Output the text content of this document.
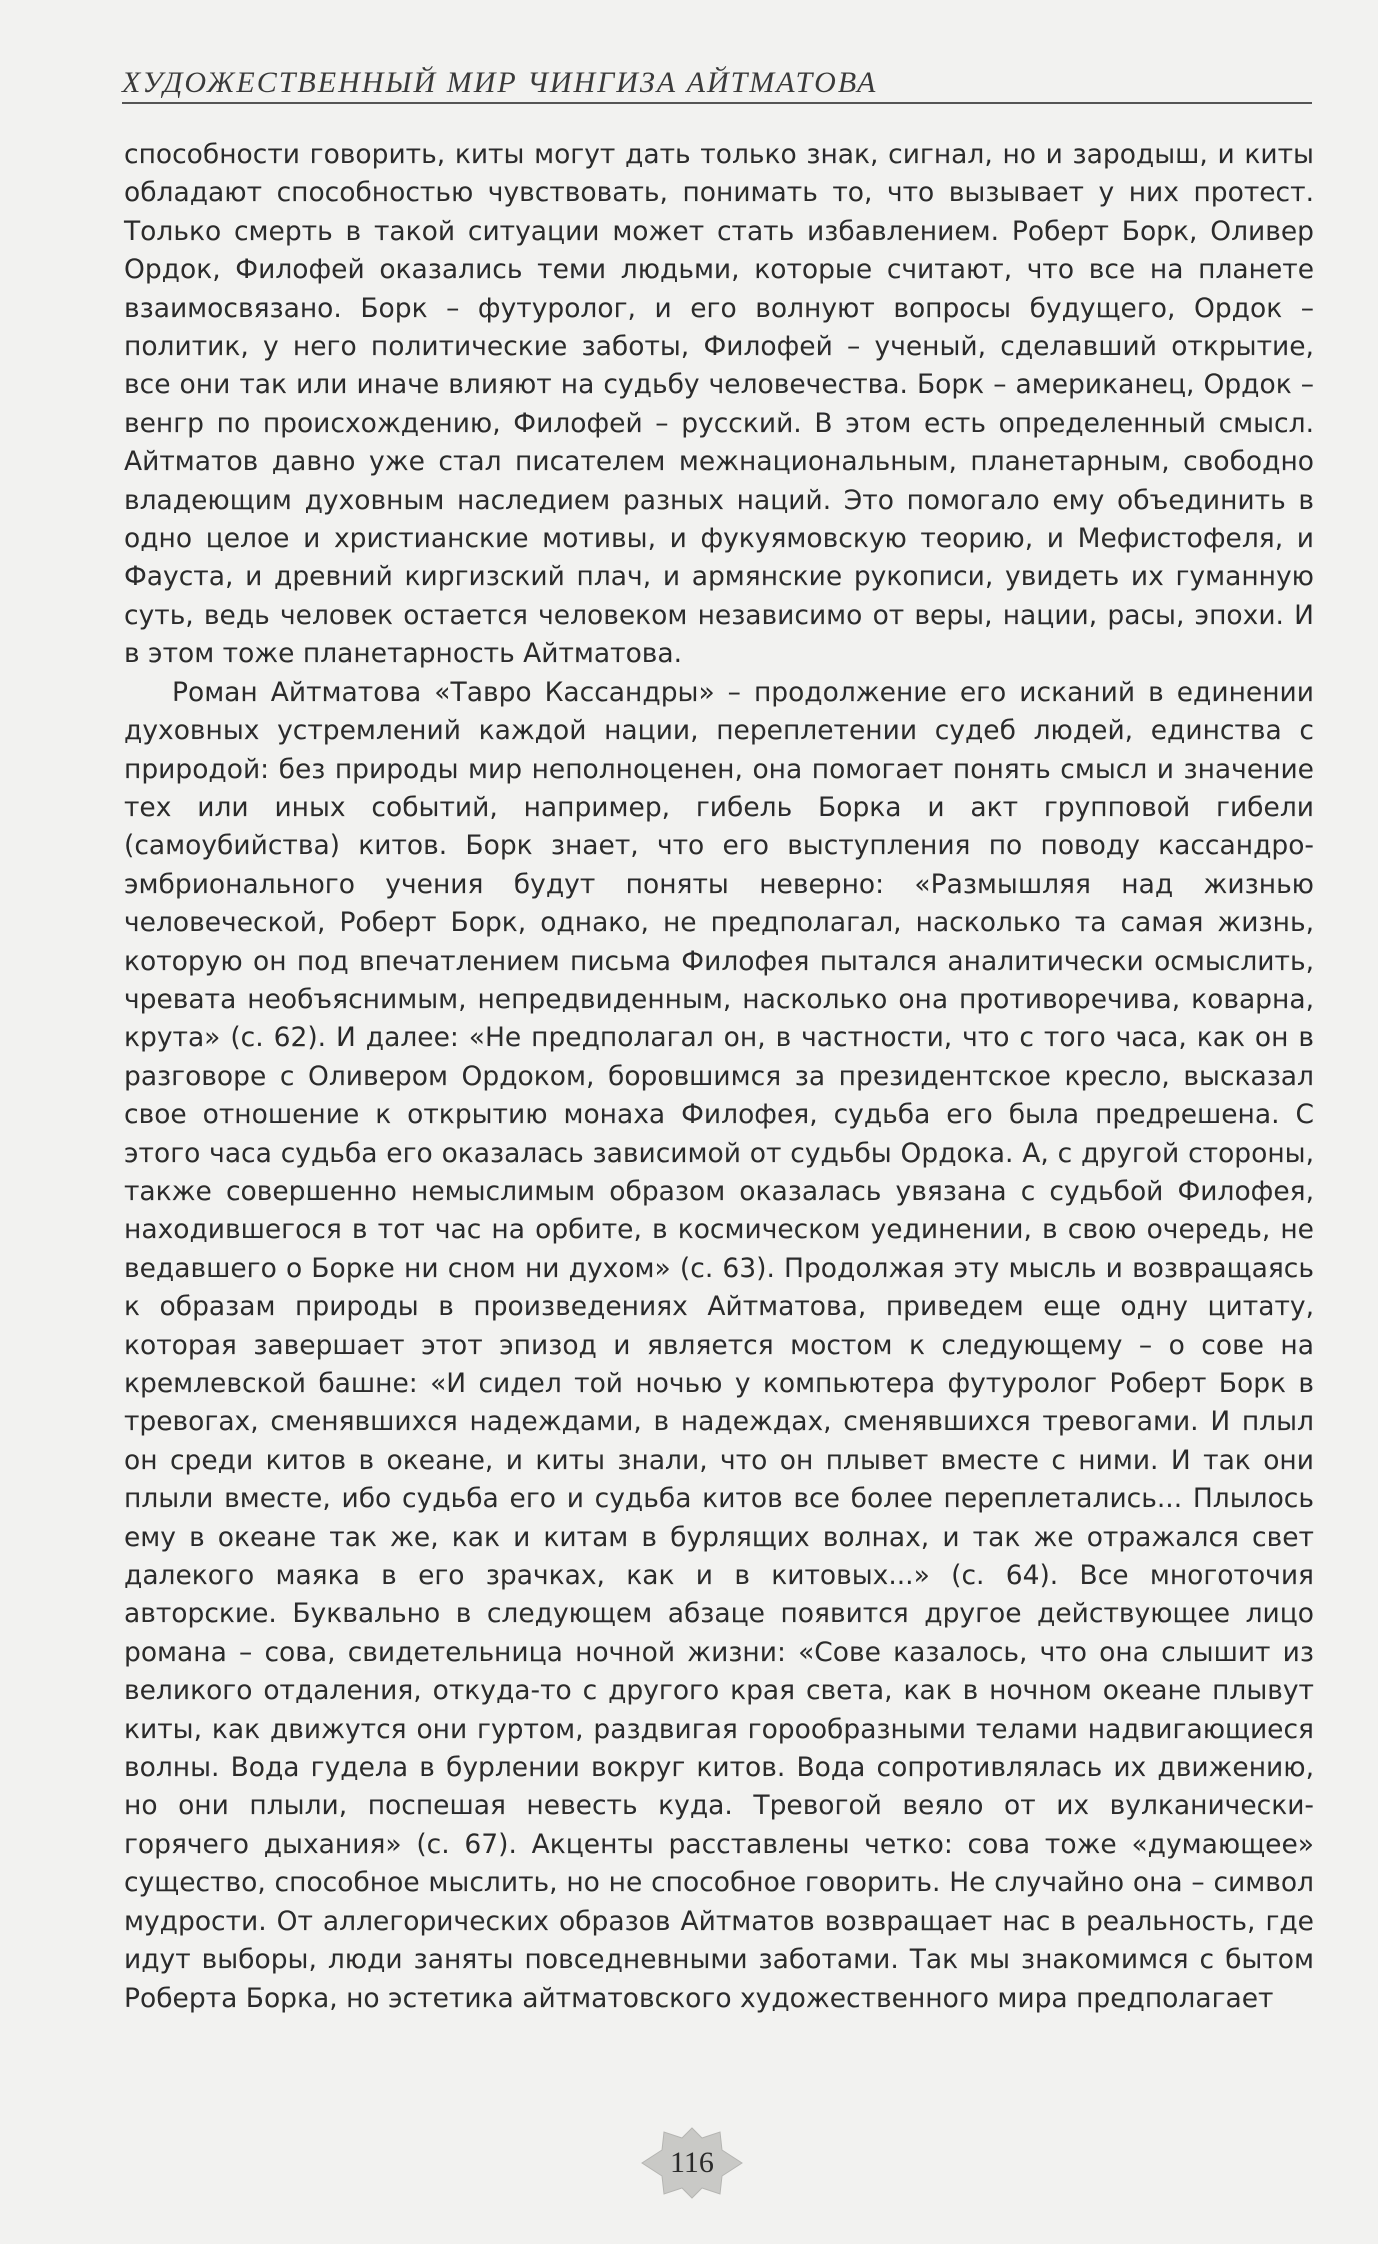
ХУДОЖЕСТВЕННЫЙ МИР ЧИНГИЗА АЙТМАТОВА

способности говорить, киты могут дать только знак, сигнал, но и зародыш, и киты обладают способностью чувствовать, понимать то, что вызывает у них протест. Только смерть в такой ситуации может стать избавлением. Роберт Борк, Оливер Ордок, Филофей оказались теми людьми, которые считают, что все на планете взаимосвязано. Борк – футуролог, и его волнуют вопросы будущего, Ордок – политик, у него политические заботы, Филофей – ученый, сделавший открытие, все они так или иначе влияют на судьбу человечества. Борк – американец, Ордок – венгр по происхождению, Филофей – русский. В этом есть определенный смысл. Айтматов давно уже стал писателем межнациональным, планетарным, свободно владеющим духовным наследием разных наций. Это помогало ему объединить в одно целое и христианские мотивы, и фукуямовскую теорию, и Мефистофеля, и Фауста, и древний киргизский плач, и армянские рукописи, увидеть их гуманную суть, ведь человек остается человеком независимо от веры, нации, расы, эпохи. И в этом тоже планетарность Айтматова.

Роман Айтматова «Тавро Кассандры» – продолжение его исканий в единении духовных устремлений каждой нации, переплетении судеб людей, единства с природой: без природы мир неполноценен, она помогает понять смысл и значение тех или иных событий, например, гибель Борка и акт групповой гибели (самоубийства) китов. Борк знает, что его выступления по поводу кассандро-эмбрионального учения будут поняты неверно: «Размышляя над жизнью человеческой, Роберт Борк, однако, не предполагал, насколько та самая жизнь, которую он под впечатлением письма Филофея пытался аналитически осмыслить, чревата необъяснимым, непредвиденным, насколько она противоречива, коварна, крута» (с. 62). И далее: «Не предполагал он, в частности, что с того часа, как он в разговоре с Оливером Ордоком, боровшимся за президентское кресло, высказал свое отношение к открытию монаха Филофея, судьба его была предрешена. С этого часа судьба его оказалась зависимой от судьбы Ордока. А, с другой стороны, также совершенно немыслимым образом оказалась увязана с судьбой Филофея, находившегося в тот час на орбите, в космическом уединении, в свою очередь, не ведавшего о Борке ни сном ни духом» (с. 63). Продолжая эту мысль и возвращаясь к образам природы в произведениях Айтматова, приведем еще одну цитату, которая завершает этот эпизод и является мостом к следующему – о сове на кремлевской башне: «И сидел той ночью у компьютера футуролог Роберт Борк в тревогах, сменявшихся надеждами, в надеждах, сменявшихся тревогами. И плыл он среди китов в океане, и киты знали, что он плывет вместе с ними. И так они плыли вместе, ибо судьба его и судьба китов все более переплетались... Плылось ему в океане так же, как и китам в бурлящих волнах, и так же отражался свет далекого маяка в его зрачках, как и в китовых...» (с. 64). Все многоточия авторские. Буквально в следующем абзаце появится другое действующее лицо романа – сова, свидетельница ночной жизни: «Сове казалось, что она слышит из великого отдаления, откуда-то с другого края света, как в ночном океане плывут киты, как движутся они гуртом, раздвигая горообразными телами надвигающиеся волны. Вода гудела в бурлении вокруг китов. Вода сопротивлялась их движению, но они плыли, поспешая невесть куда. Тревогой веяло от их вулканически-горячего дыхания» (с. 67). Акценты расставлены четко: сова тоже «думающее» существо, способное мыслить, но не способное говорить. Не случайно она – символ мудрости. От аллегорических образов Айтматов возвращает нас в реальность, где идут выборы, люди заняты повседневными заботами. Так мы знакомимся с бытом Роберта Борка, но эстетика айтматовского художественного мира предполагает

116
